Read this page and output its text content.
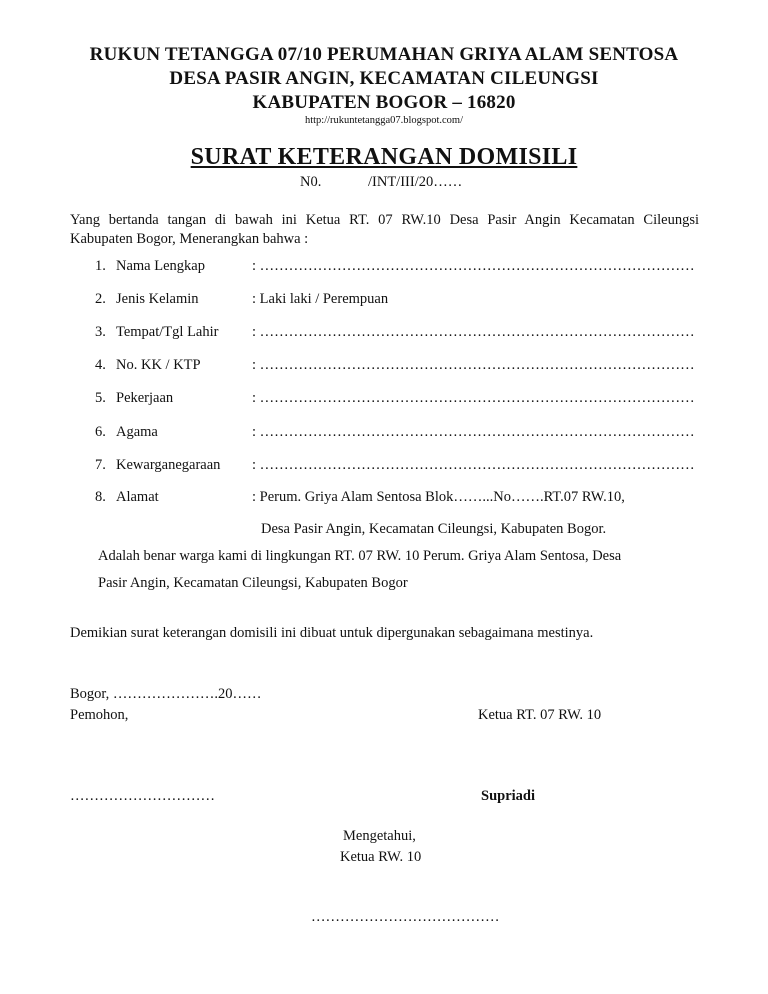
RUKUN TETANGGA 07/10 PERUMAHAN GRIYA ALAM SENTOSA
DESA PASIR ANGIN, KECAMATAN CILEUNGSI
KABUPATEN BOGOR – 16820
http://rukuntetangga07.blogspot.com/
SURAT KETERANGAN DOMISILI
N0.	/INT/III/20……
Yang bertanda tangan di bawah ini Ketua RT. 07 RW.10 Desa Pasir Angin Kecamatan Cileungsi
Kabupaten Bogor, Menerangkan bahwa :
1. Nama Lengkap	: ………………………………………………………………………………
2. Jenis Kelamin	: Laki laki / Perempuan
3. Tempat/Tgl Lahir : ………………………………………………………………………………
4. No. KK / KTP	: ………………………………………………………………………………
5. Pekerjaan	: ………………………………………………………………………………
6. Agama	: ………………………………………………………………………………
7. Kewarganegaraan : ………………………………………………………………………………
8. Alamat	: Perum. Griya Alam Sentosa Blok……...No…….RT.07 RW.10,
Desa Pasir Angin, Kecamatan Cileungsi, Kabupaten Bogor.
Adalah benar warga kami di lingkungan RT. 07 RW. 10 Perum. Griya Alam Sentosa, Desa
Pasir Angin, Kecamatan Cileungsi, Kabupaten Bogor
Demikian surat keterangan domisili ini dibuat untuk dipergunakan sebagaimana mestinya.
Bogor, ………………….20……
Pemohon,	Ketua RT. 07 RW. 10
…………………………	Supriadi
Mengetahui,
Ketua RW. 10
…………………………………
